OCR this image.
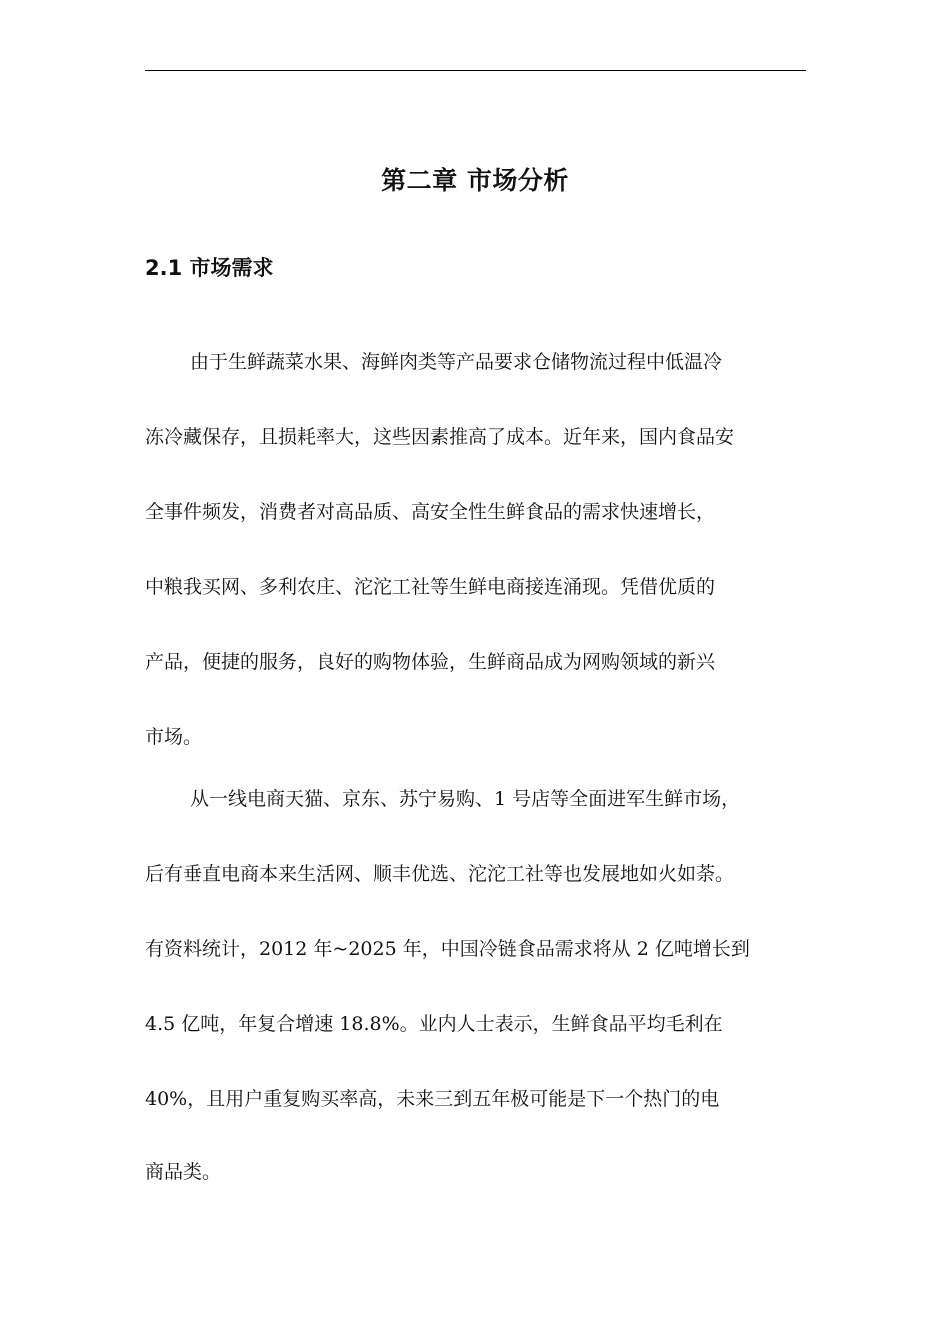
第二章 市场分析
2.1 市场需求
由于生鲜蔬菜水果、海鲜肉类等产品要求仓储物流过程中低温冷
冻冷藏保存，且损耗率大，这些因素推高了成本。近年来，国内食品安
全事件频发，消费者对高品质、高安全性生鲜食品的需求快速增长，
中粮我买网、多利农庄、沱沱工社等生鲜电商接连涌现。凭借优质的
产品，便捷的服务，良好的购物体验，生鲜商品成为网购领域的新兴
市场。
从一线电商天猫、京东、苏宁易购、1 号店等全面进军生鲜市场，
后有垂直电商本来生活网、顺丰优选、沱沱工社等也发展地如火如荼。
有资料统计，2012 年~2025 年，中国冷链食品需求将从 2 亿吨增长到
4.5 亿吨，年复合增速 18.8%。业内人士表示，生鲜食品平均毛利在
40%，且用户重复购买率高，未来三到五年极可能是下一个热门的电
商品类。
